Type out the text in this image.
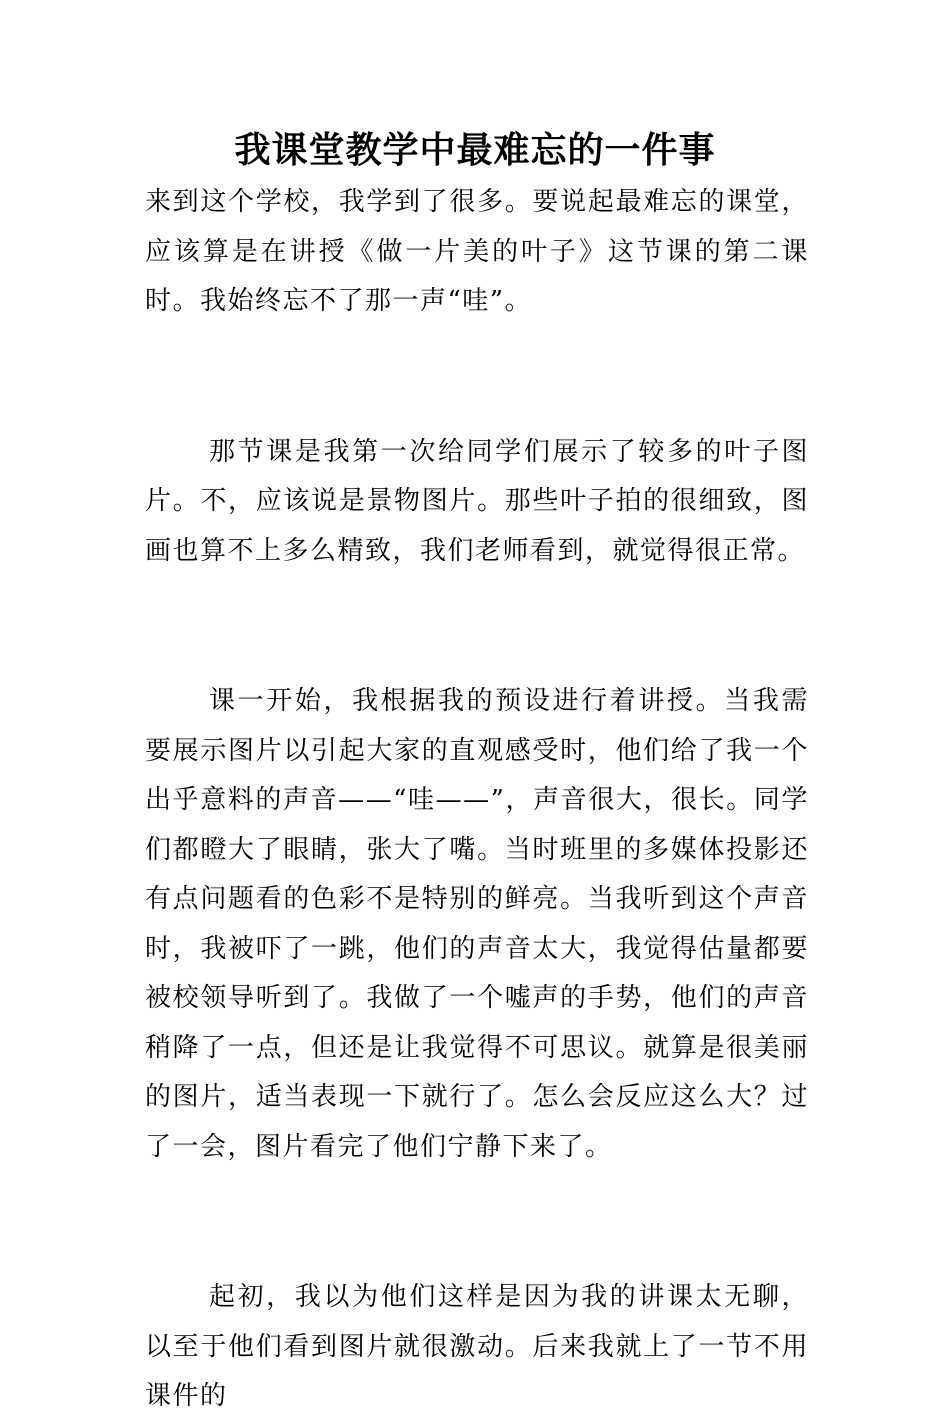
我课堂教学中最难忘的一件事

来到这个学校，我学到了很多。要说起最难忘的课堂，应该算是在讲授《做一片美的叶子》这节课的第二课时。我始终忘不了那一声“哇”。

那节课是我第一次给同学们展示了较多的叶子图片。不，应该说是景物图片。那些叶子拍的很细致，图画也算不上多么精致，我们老师看到，就觉得很正常。

课一开始，我根据我的预设进行着讲授。当我需要展示图片以引起大家的直观感受时，他们给了我一个出乎意料的声音——“哇——”，声音很大，很长。同学们都瞪大了眼睛，张大了嘴。当时班里的多媒体投影还有点问题看的色彩不是特别的鲜亮。当我听到这个声音时，我被吓了一跳，他们的声音太大，我觉得估量都要被校领导听到了。我做了一个嘘声的手势，他们的声音稍降了一点，但还是让我觉得不可思议。就算是很美丽的图片，适当表现一下就行了。怎么会反应这么大？过了一会，图片看完了他们宁静下来了。

起初，我以为他们这样是因为我的讲课太无聊，以至于他们看到图片就很激动。后来我就上了一节不用课件的
